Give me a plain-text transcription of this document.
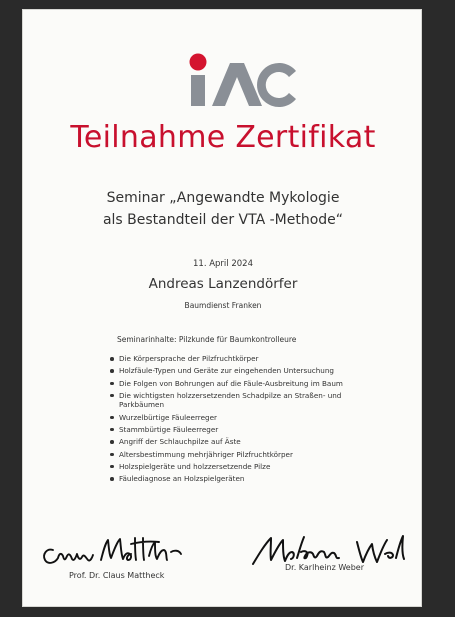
Teilnahme Zertifikat
Seminar „Angewandte Mykologie
als Bestandteil der VTA -Methode“
11. April 2024
Andreas Lanzendörfer
Baumdienst Franken
Seminarinhalte: Pilzkunde für Baumkontrolleure
Die Körpersprache der Pilzfruchtkörper
Holzfäule-Typen und Geräte zur eingehenden Untersuchung
Die Folgen von Bohrungen auf die Fäule-Ausbreitung im Baum
Die wichtigsten holzzersetzenden Schadpilze an Straßen- und Parkbäumen
Wurzelbürtige Fäuleerreger
Stammbürtige Fäuleerreger
Angriff der Schlauchpilze auf Äste
Altersbestimmung mehrjähriger Pilzfruchtkörper
Holzspielgeräte und holzzersetzende Pilze
Fäulediagnose an Holzspielgeräten
Prof. Dr. Claus Mattheck
Dr. Karlheinz Weber
